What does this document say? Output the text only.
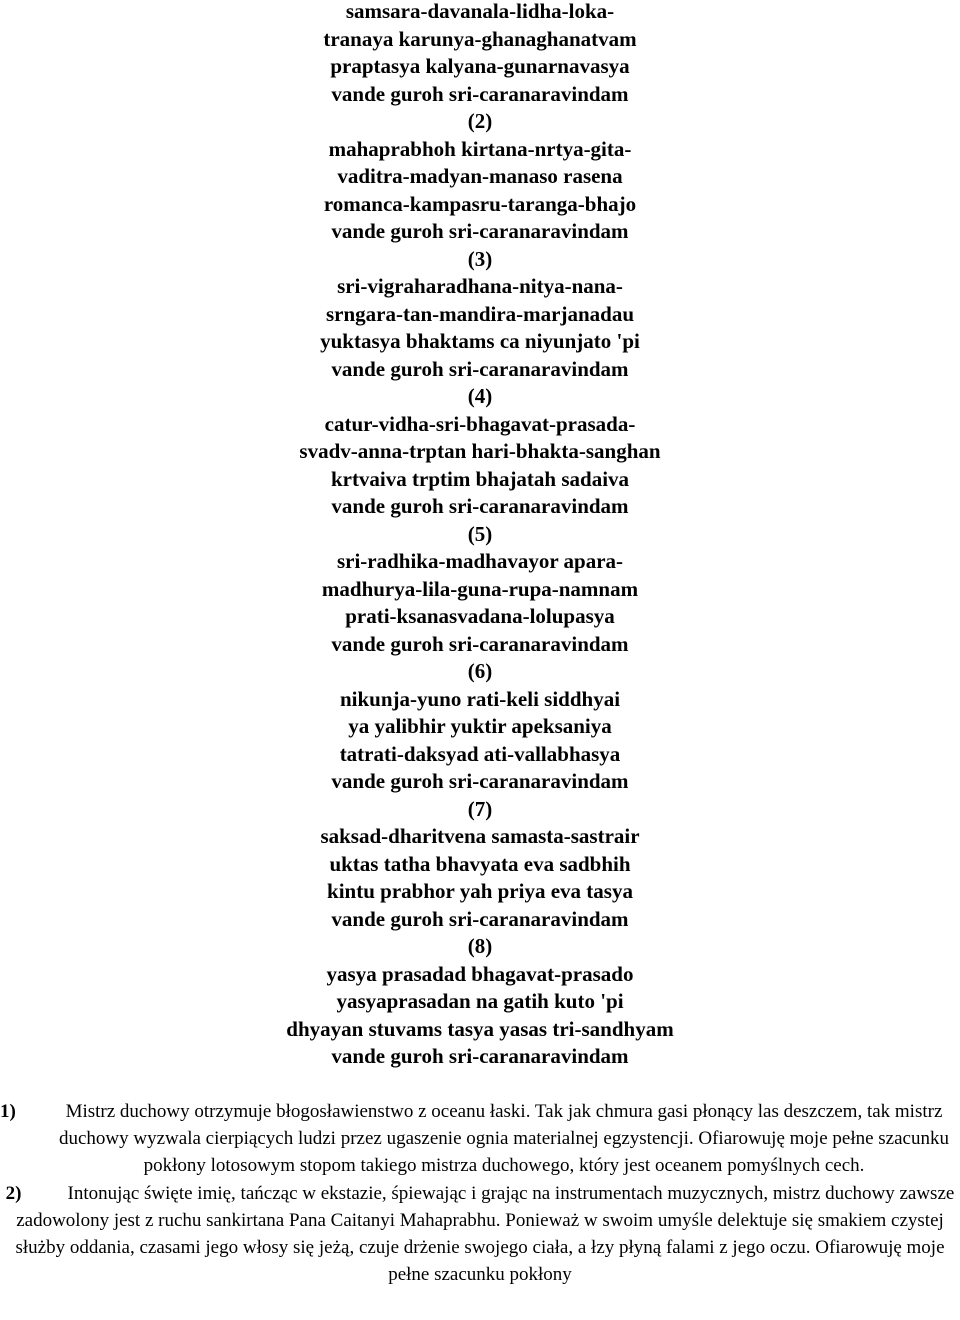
samsara-davanala-lidha-loka-
tranaya karunya-ghanaghanatvam
praptasya kalyana-gunarnavasya
vande guroh sri-caranaravindam
(2)
mahaprabhoh kirtana-nrtya-gita-
vaditra-madyan-manaso rasena
romanca-kampasru-taranga-bhajo
vande guroh sri-caranaravindam
(3)
sri-vigraharadhana-nitya-nana-
srngara-tan-mandira-marjanadau
yuktasya bhaktams ca niyunjato 'pi
vande guroh sri-caranaravindam
(4)
catur-vidha-sri-bhagavat-prasada-
svadv-anna-trptan hari-bhakta-sanghan
krtvaiva trptim bhajatah sadaiva
vande guroh sri-caranaravindam
(5)
sri-radhika-madhavayor apara-
madhurya-lila-guna-rupa-namnam
prati-ksanasvadana-lolupasya
vande guroh sri-caranaravindam
(6)
nikunja-yuno rati-keli siddhyai
ya yalibhir yuktir apeksaniya
tatrati-daksyad ati-vallabhasya
vande guroh sri-caranaravindam
(7)
saksad-dharitvena samasta-sastrair
uktas tatha bhavyata eva sadbhih
kintu prabhor yah priya eva tasya
vande guroh sri-caranaravindam
(8)
yasya prasadad bhagavat-prasado
yasyaprasadan na gatih kuto 'pi
dhyayan stuvams tasya yasas tri-sandhyam
vande guroh sri-caranaravindam

1)	Mistrz duchowy otrzymuje błogosławienstwo z oceanu łaski. Tak jak chmura gasi płonący las deszczem, tak mistrz duchowy wyzwala cierpiących ludzi przez ugaszenie ognia materialnej egzystencji. Ofiarowuję moje pełne szacunku pokłony lotosowym stopom takiego mistrza duchowego, który jest oceanem pomyślnych cech.

2) Intonując święte imię, tańcząc w ekstazie, śpiewając i grając na instrumentach muzycznych, mistrz duchowy zawsze zadowolony jest z ruchu sankirtana Pana Caitanyi Mahaprabhu. Ponieważ w swoim umyśle delektuje się smakiem czystej służby oddania, czasami jego włosy się jeżą, czuje drżenie swojego ciała, a łzy płyną falami z jego oczu. Ofiarowuję moje pełne szacunku pokłony
